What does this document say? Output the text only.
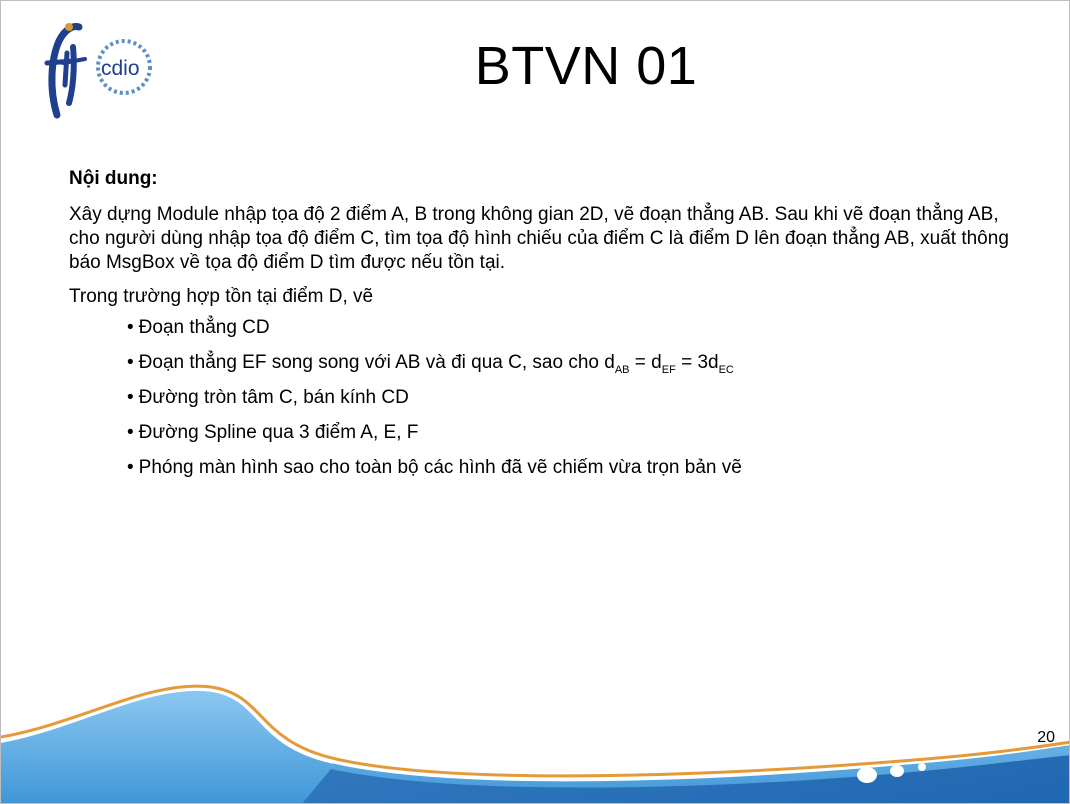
cdio	BTVN 01

Nội dung:

Xây dựng Module nhập tọa độ 2 điểm A, B trong không gian 2D, vẽ đoạn thẳng AB. Sau khi vẽ đoạn thẳng AB, cho người dùng nhập tọa độ điểm C, tìm tọa độ hình chiếu của điểm C là điểm D lên đoạn thẳng AB, xuất thông báo MsgBox về tọa độ điểm D tìm được nếu tồn tại.

Trong trường hợp tồn tại điểm D, vẽ

• Đoạn thẳng CD
• Đoạn thẳng EF song song với AB và đi qua C, sao cho $d_{AB} = d_{EF} = 3d_{EC}$
• Đường tròn tâm C, bán kính CD
• Đường Spline qua 3 điểm A, E, F
• Phóng màn hình sao cho toàn bộ các hình đã vẽ chiếm vừa trọn bản vẽ
20
